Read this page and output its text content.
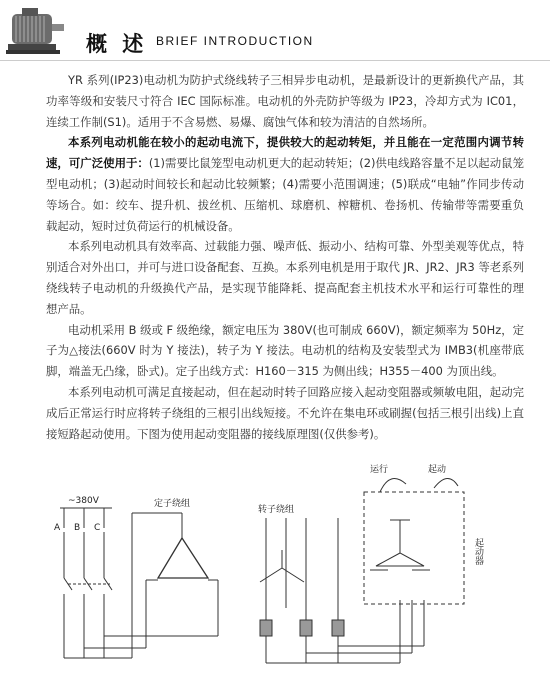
概 述 BRIEF INTRODUCTION

YR 系列(IP23)电动机为防护式绕线转子三相异步电动机，是最新设计的更新换代产品，其功率等级和安装尺寸符合 IEC 国际标准。电动机的外壳防护等级为 IP23，冷却方式为 IC01，连续工作制(S1)。适用于不含易燃、易爆、腐蚀气体和较为清洁的自然场所。

本系列电动机能在较小的起动电流下，提供较大的起动转矩，并且能在一定范围内调节转速，可广泛使用于：(1)需要比鼠笼型电动机更大的起动转矩；(2)供电线路容量不足以起动鼠笼型电动机；(3)起动时间较长和起动比较频繁；(4)需要小范围调速；(5)联成“电轴”作同步传动等场合。如：绞车、提升机、拔丝机、压缩机、球磨机、榨糖机、卷扬机、传输带等需要重负载起动，短时过负荷运行的机械设备。

本系列电动机具有效率高、过载能力强、噪声低、振动小、结构可靠、外型美观等优点，特别适合对外出口，并可与进口设备配套、互换。本系列电机是用于取代 JR、JR2、JR3 等老系列绕线转子电动机的升级换代产品，是实现节能降耗、提高配套主机技术水平和运行可靠性的理想产品。

电动机采用 B 级或 F 级绝缘，额定电压为 380V(也可制成 660V)，额定频率为 50Hz，定子为△接法(660V 时为 Y 接法)，转子为 Y 接法。电动机的结构及安装型式为 IMB3(机座带底脚，端盖无凸缘，卧式)。定子出线方式：H160－315 为侧出线；H355－400 为顶出线。

本系列电动机可满足直接起动，但在起动时转子回路应接入起动变阻器或频敏电阻，起动完成后正常运行时应将转子绕组的三根引出线短接。不允许在集电环或刷握(包括三根引出线)上直接短路起动使用。下图为使用起动变阻器的接线原理图(仅供参考)。

~380V
A B C
定子绕组
转子绕组
运行	起动
起动器
